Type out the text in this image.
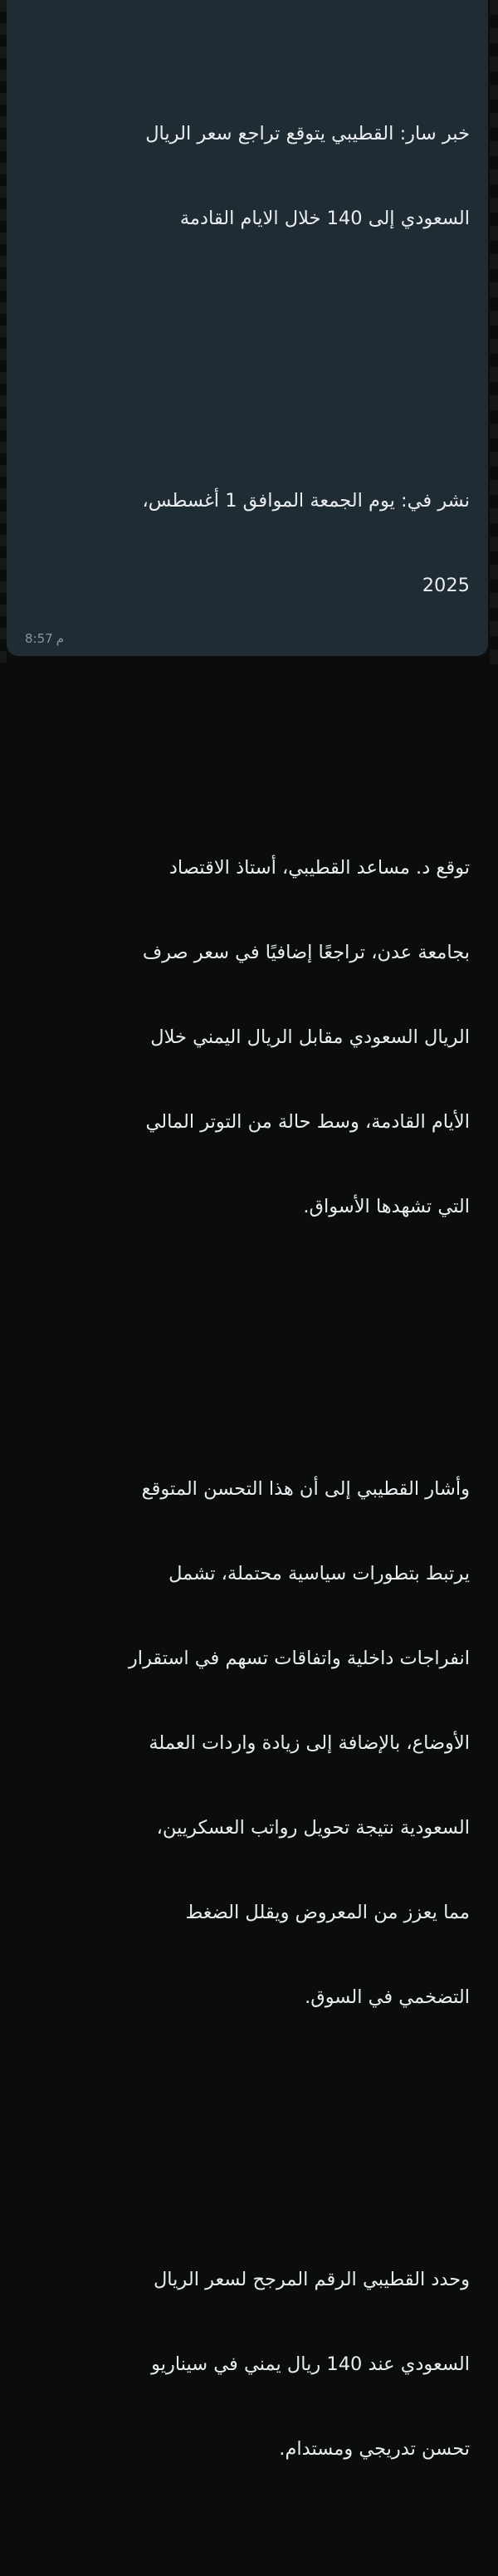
خبر سار: القطيبي يتوقع تراجع سعر الريال

السعودي إلى 140 خلال الايام القادمة

نشر في: يوم الجمعة الموافق 1 أغسطس،

2025

توقع د. مساعد القطيبي، أستاذ الاقتصاد

بجامعة عدن، تراجعًا إضافيًا في سعر صرف

الريال السعودي مقابل الريال اليمني خلال

الأيام القادمة، وسط حالة من التوتر المالي

التي تشهدها الأسواق.

وأشار القطيبي إلى أن هذا التحسن المتوقع

يرتبط بتطورات سياسية محتملة، تشمل

انفراجات داخلية واتفاقات تسهم في استقرار

الأوضاع، بالإضافة إلى زيادة واردات العملة

السعودية نتيجة تحويل رواتب العسكريين،

مما يعزز من المعروض ويقلل الضغط

التضخمي في السوق.

وحدد القطيبي الرقم المرجح لسعر الريال

السعودي عند 140 ريال يمني في سيناريو

تحسن تدريجي ومستدام.

8:57 م
